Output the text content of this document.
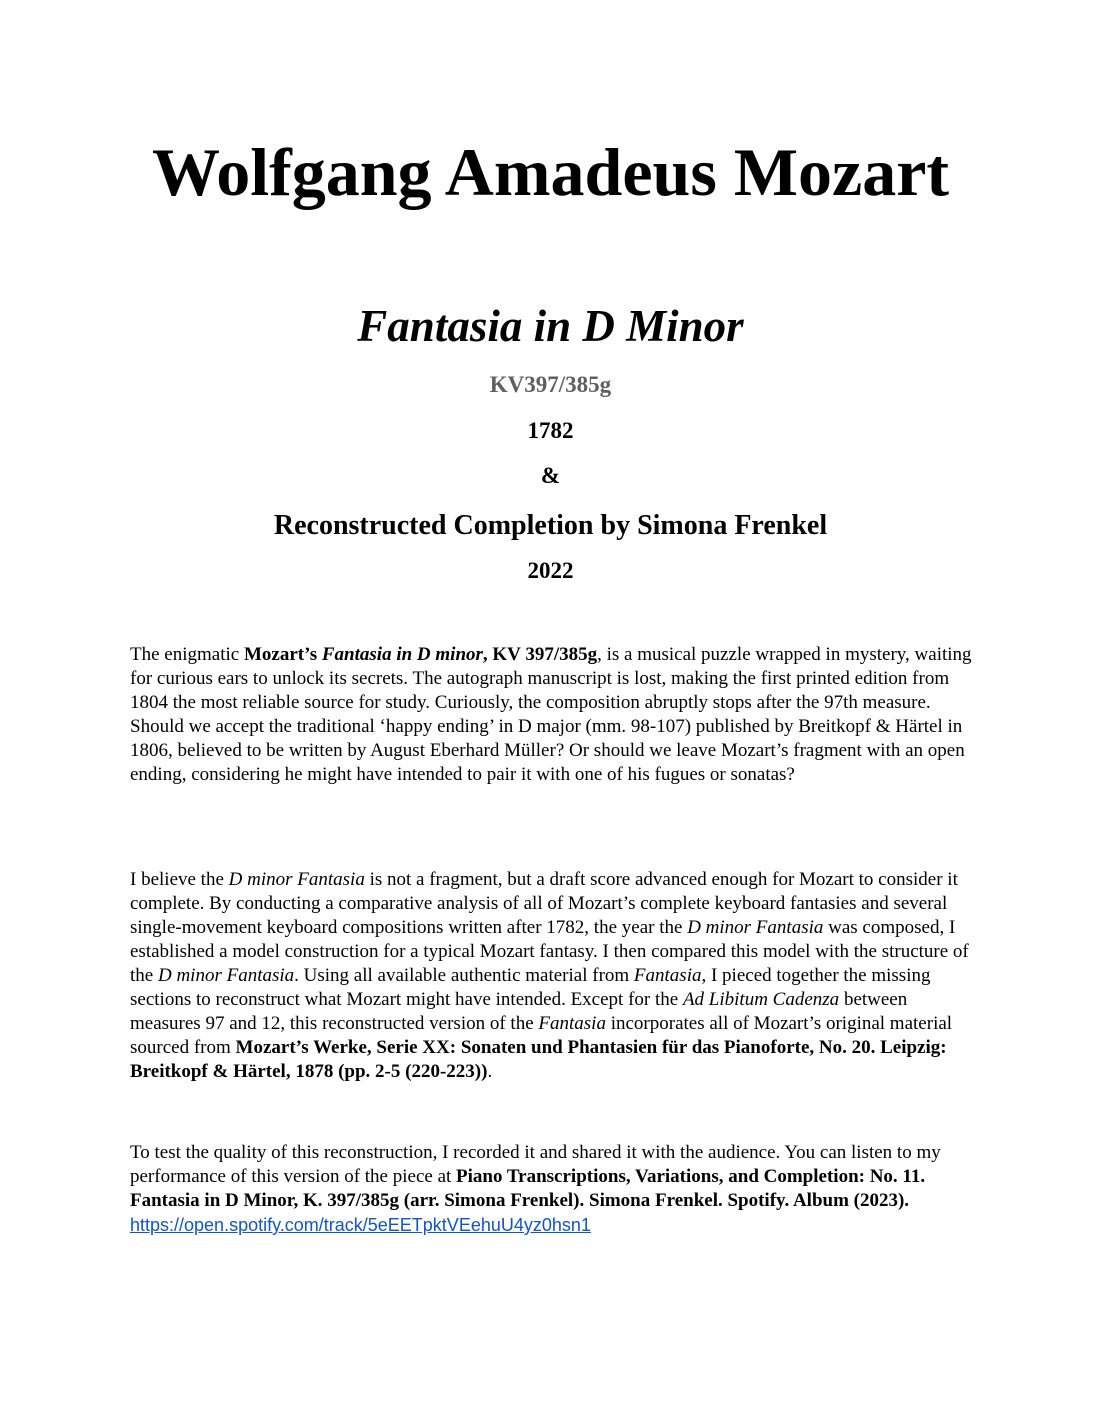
Wolfgang Amadeus Mozart
Fantasia in D Minor
KV397/385g
1782
&
Reconstructed Completion by Simona Frenkel
2022

The enigmatic Mozart’s Fantasia in D minor, KV 397/385g, is a musical puzzle wrapped in mystery, waiting for curious ears to unlock its secrets. The autograph manuscript is lost, making the first printed edition from 1804 the most reliable source for study. Curiously, the composition abruptly stops after the 97th measure. Should we accept the traditional ‘happy ending’ in D major (mm. 98-107) published by Breitkopf & Härtel in 1806, believed to be written by August Eberhard Müller? Or should we leave Mozart’s fragment with an open ending, considering he might have intended to pair it with one of his fugues or sonatas?

I believe the D minor Fantasia is not a fragment, but a draft score advanced enough for Mozart to consider it complete. By conducting a comparative analysis of all of Mozart’s complete keyboard fantasies and several single-movement keyboard compositions written after 1782, the year the D minor Fantasia was composed, I established a model construction for a typical Mozart fantasy. I then compared this model with the structure of the D minor Fantasia. Using all available authentic material from Fantasia, I pieced together the missing sections to reconstruct what Mozart might have intended. Except for the Ad Libitum Cadenza between measures 97 and 12, this reconstructed version of the Fantasia incorporates all of Mozart’s original material sourced from Mozart’s Werke, Serie XX: Sonaten und Phantasien für das Pianoforte, No. 20. Leipzig: Breitkopf & Härtel, 1878 (pp. 2-5 (220-223)).

To test the quality of this reconstruction, I recorded it and shared it with the audience. You can listen to my performance of this version of the piece at Piano Transcriptions, Variations, and Completion: No. 11. Fantasia in D Minor, K. 397/385g (arr. Simona Frenkel). Simona Frenkel. Spotify. Album (2023).
https://open.spotify.com/track/5eEETpktVEehuU4yz0hsn1
